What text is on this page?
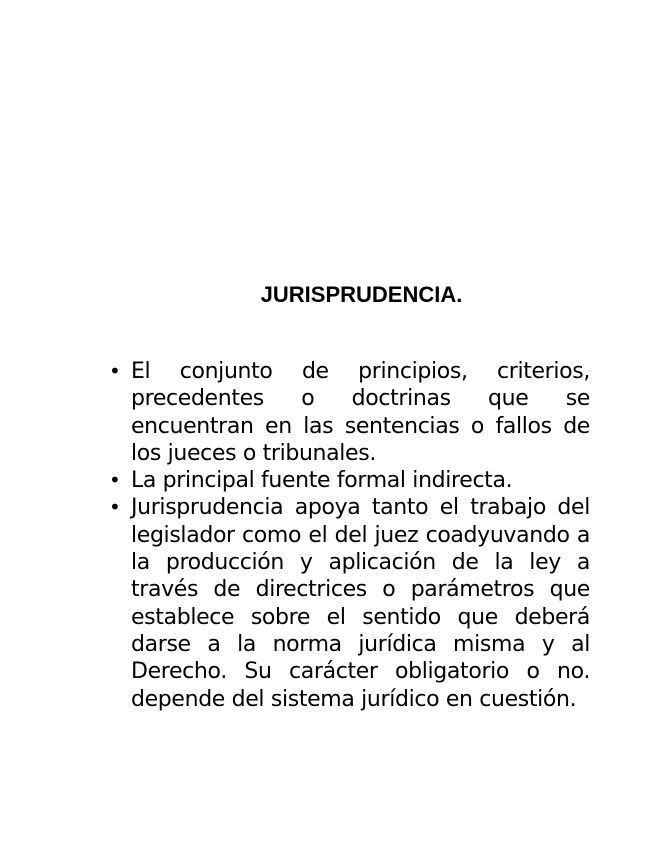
JURISPRUDENCIA.
• El conjunto de principios, criterios, precedentes o doctrinas que se encuentran en las sentencias o fallos de los jueces o tribunales.
• La principal fuente formal indirecta.
• Jurisprudencia apoya tanto el trabajo del legislador como el del juez coadyuvando a la producción y aplicación de la ley a través de directrices o parámetros que establece sobre el sentido que deberá darse a la norma jurídica misma y al Derecho. Su carácter obligatorio o no. depende del sistema jurídico en cuestión.
